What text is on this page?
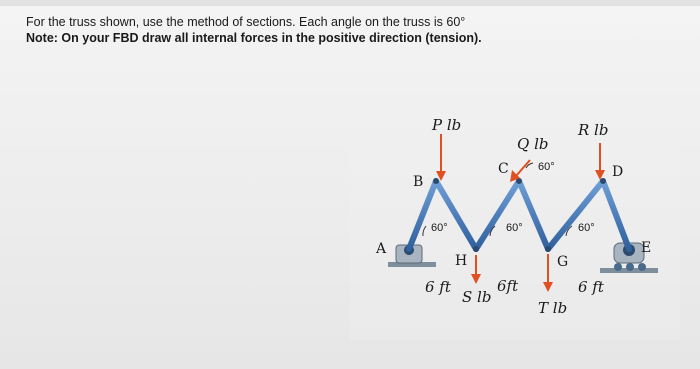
For the truss shown, use the method of sections. Each angle on the truss is 60°
Note: On your FBD draw all internal forces in the positive direction (tension).
A
B
C	D
E
H	G
P lb
Q lb
R lb
S lb
T lb
60°	60°	60°
60°
6 ft	6ft	6 ft
